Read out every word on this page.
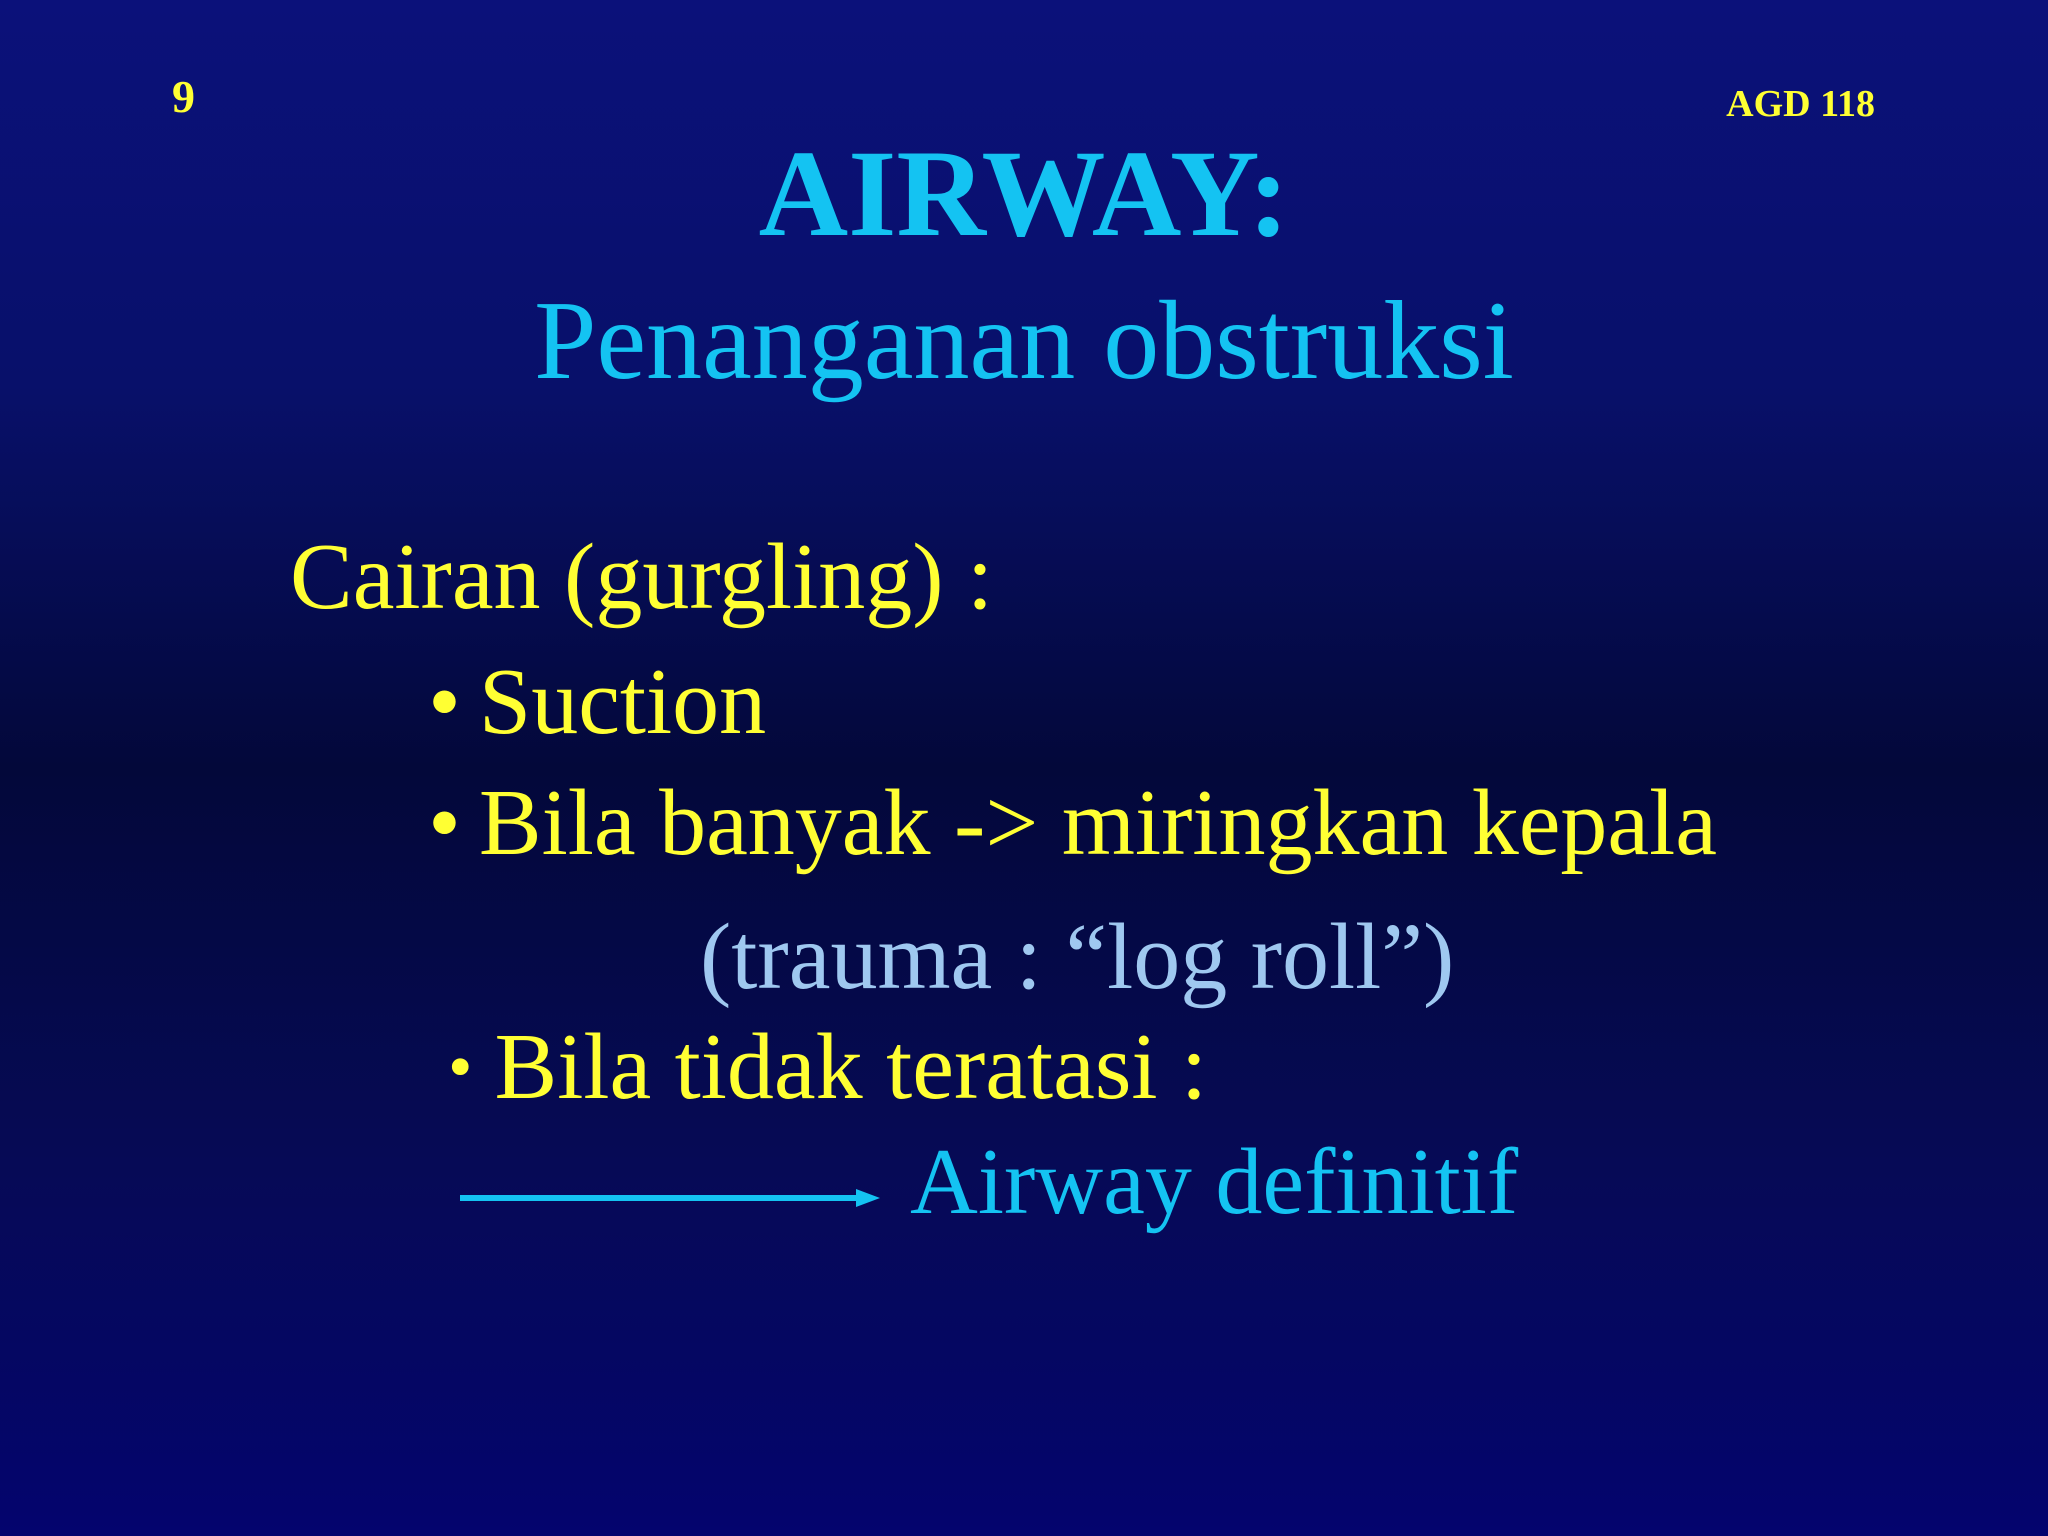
9	AGD 118
AIRWAY:
Penanganan obstruksi
Cairan (gurgling) :
• Suction
• Bila banyak -> miringkan kepala
(trauma : “log roll”)
• Bila tidak teratasi :
Airway definitif
